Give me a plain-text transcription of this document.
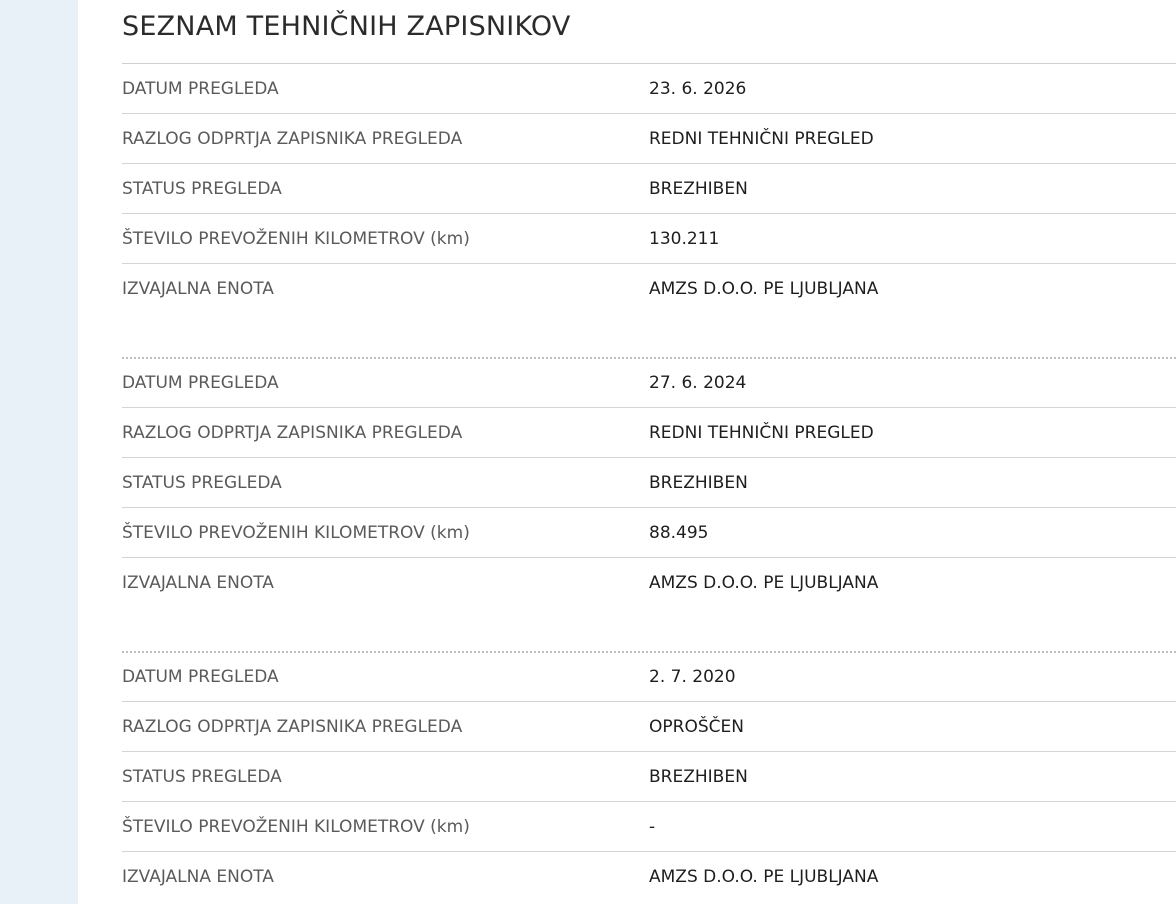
SEZNAM TEHNIČNIH ZAPISNIKOV
DATUM PREGLEDA	23. 6. 2026
RAZLOG ODPRTJA ZAPISNIKA PREGLEDA	REDNI TEHNIČNI PREGLED
STATUS PREGLEDA	BREZHIBEN
ŠTEVILO PREVOŽENIH KILOMETROV (km)	130.211
IZVAJALNA ENOTA	AMZS D.O.O. PE LJUBLJANA
DATUM PREGLEDA	27. 6. 2024
RAZLOG ODPRTJA ZAPISNIKA PREGLEDA	REDNI TEHNIČNI PREGLED
STATUS PREGLEDA	BREZHIBEN
ŠTEVILO PREVOŽENIH KILOMETROV (km)	88.495
IZVAJALNA ENOTA	AMZS D.O.O. PE LJUBLJANA
DATUM PREGLEDA	2. 7. 2020
RAZLOG ODPRTJA ZAPISNIKA PREGLEDA	OPROŠČEN
STATUS PREGLEDA	BREZHIBEN
ŠTEVILO PREVOŽENIH KILOMETROV (km)	-
IZVAJALNA ENOTA	AMZS D.O.O. PE LJUBLJANA
